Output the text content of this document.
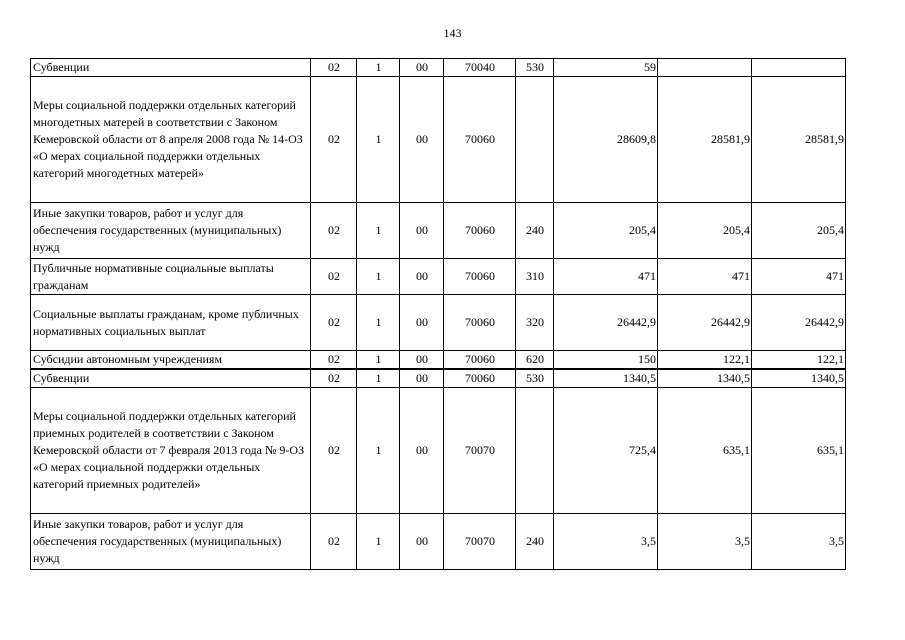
143
Субвенции	02	1	00	70040	530	59		
Меры социальной поддержки отдельных категорий многодетных матерей в соответствии с Законом Кемеровской области от 8 апреля 2008 года № 14-ОЗ «О мерах социальной поддержки отдельных категорий многодетных матерей»	02	1	00	70060		28609,8	28581,9	28581,9
Иные закупки товаров, работ и услуг для обеспечения государственных (муниципальных) нужд	02	1	00	70060	240	205,4	205,4	205,4
Публичные нормативные социальные выплаты гражданам	02	1	00	70060	310	471	471	471
Социальные выплаты гражданам, кроме публичных нормативных социальных выплат	02	1	00	70060	320	26442,9	26442,9	26442,9
Субсидии автономным учреждениям	02	1	00	70060	620	150	122,1	122,1
Субвенции	02	1	00	70060	530	1340,5	1340,5	1340,5
Меры социальной поддержки отдельных категорий приемных родителей в соответствии с Законом Кемеровской области от 7 февраля 2013 года № 9-ОЗ «О мерах социальной поддержки отдельных категорий приемных родителей»	02	1	00	70070		725,4	635,1	635,1
Иные закупки товаров, работ и услуг для обеспечения государственных (муниципальных) нужд	02	1	00	70070	240	3,5	3,5	3,5
